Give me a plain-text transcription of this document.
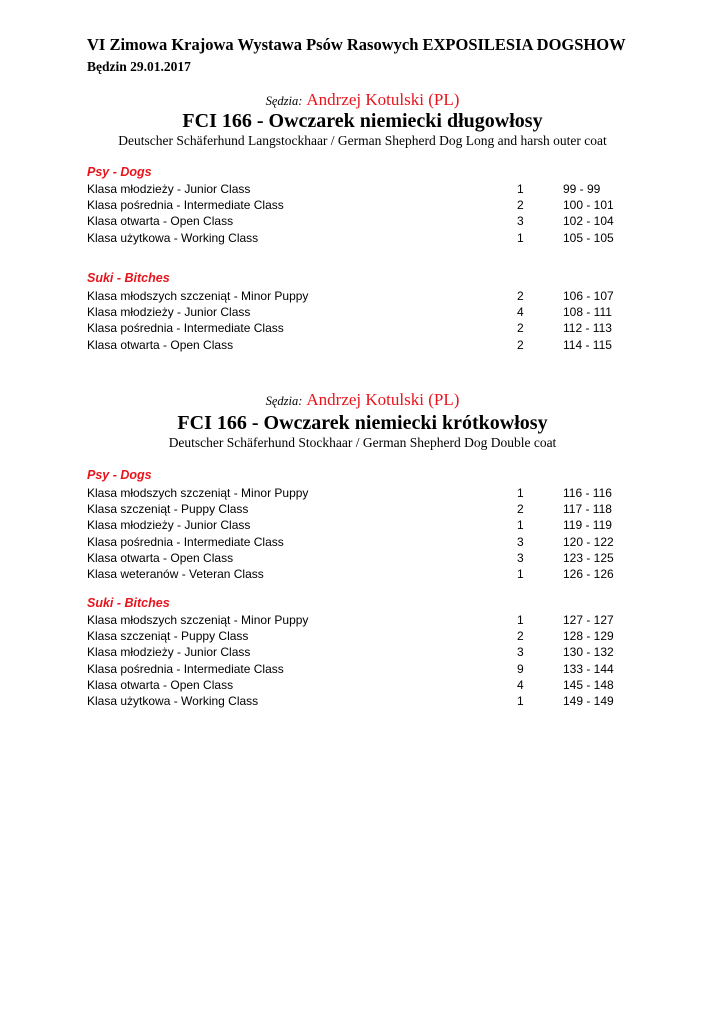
VI Zimowa Krajowa Wystawa Psów Rasowych EXPOSILESIA DOGSHOW
Będzin 29.01.2017
Sędzia: Andrzej Kotulski (PL)
FCI 166 - Owczarek niemiecki długowłosy
Deutscher Schäferhund Langstockhaar / German Shepherd Dog Long and harsh outer coat
Psy - Dogs
Klasa młodzieży - Junior Class	1	99 - 99
Klasa pośrednia - Intermediate Class	2	100 - 101
Klasa otwarta - Open Class	3	102 - 104
Klasa użytkowa - Working Class	1	105 - 105
Suki - Bitches
Klasa młodszych szczeniąt - Minor Puppy	2	106 - 107
Klasa młodzieży - Junior Class	4	108 - 111
Klasa pośrednia - Intermediate Class	2	112 - 113
Klasa otwarta - Open Class	2	114 - 115
Sędzia: Andrzej Kotulski (PL)
FCI 166 - Owczarek niemiecki krótkowłosy
Deutscher Schäferhund Stockhaar / German Shepherd Dog Double coat
Psy - Dogs
Klasa młodszych szczeniąt - Minor Puppy	1	116 - 116
Klasa szczeniąt - Puppy Class	2	117 - 118
Klasa młodzieży - Junior Class	1	119 - 119
Klasa pośrednia - Intermediate Class	3	120 - 122
Klasa otwarta - Open Class	3	123 - 125
Klasa weteranów - Veteran Class	1	126 - 126
Suki - Bitches
Klasa młodszych szczeniąt - Minor Puppy	1	127 - 127
Klasa szczeniąt - Puppy Class	2	128 - 129
Klasa młodzieży - Junior Class	3	130 - 132
Klasa pośrednia - Intermediate Class	9	133 - 144
Klasa otwarta - Open Class	4	145 - 148
Klasa użytkowa - Working Class	1	149 - 149
